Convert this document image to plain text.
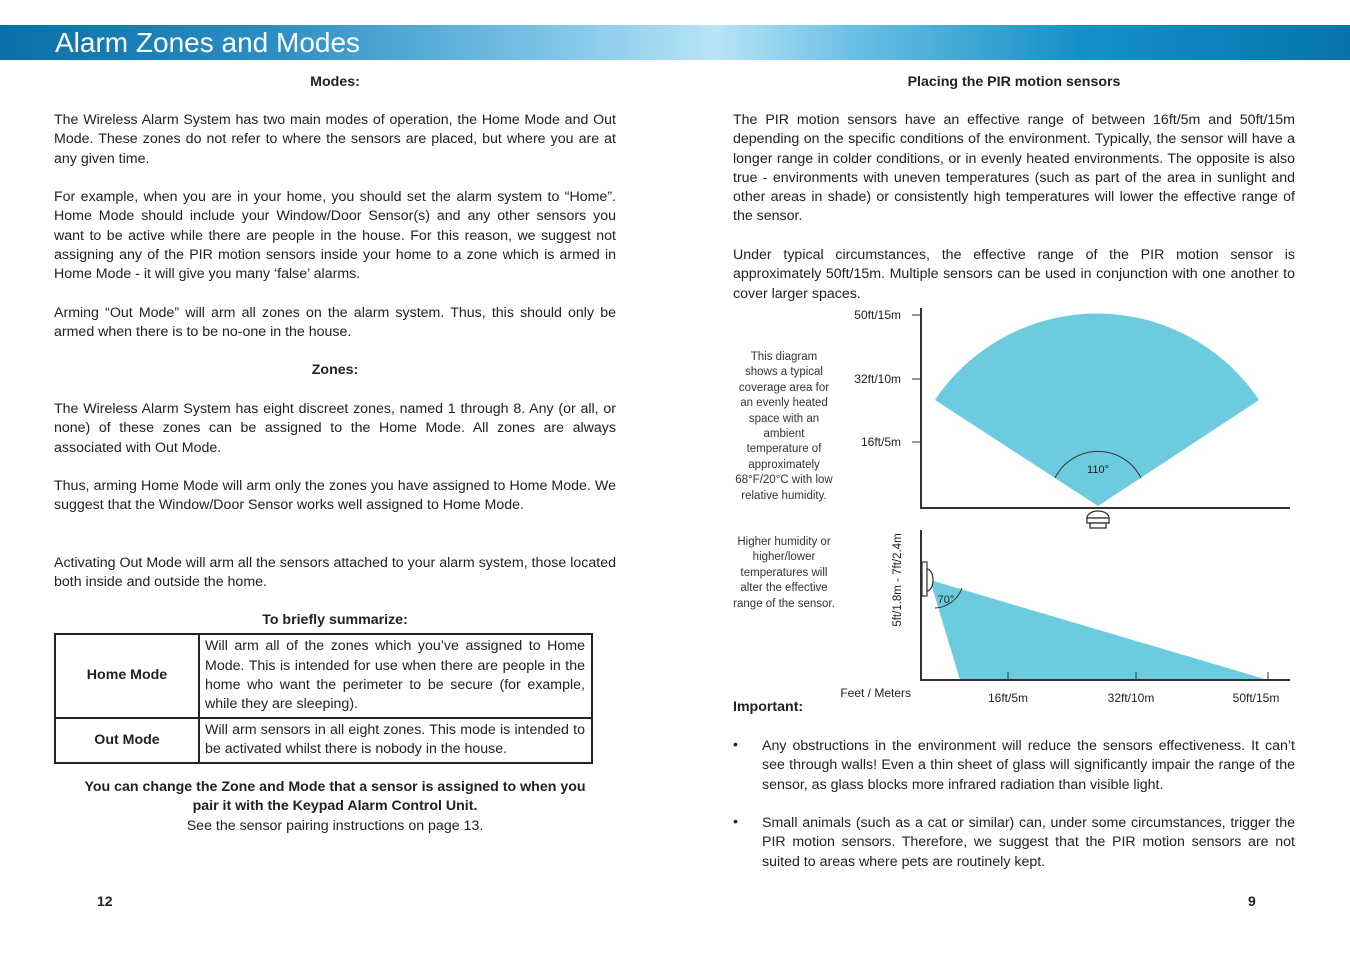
Alarm Zones and Modes
Modes:
The Wireless Alarm System has two main modes of operation, the Home Mode and Out Mode. These zones do not refer to where the sensors are placed, but where you are at any given time.
For example, when you are in your home, you should set the alarm system to “Home”. Home Mode should include your Window/Door Sensor(s) and any other sensors you want to be active while there are people in the house. For this reason, we suggest not assigning any of the PIR motion sensors inside your home to a zone which is armed in Home Mode - it will give you many ‘false’ alarms.
Arming “Out Mode” will arm all zones on the alarm system. Thus, this should only be armed when there is to be no-one in the house.
Zones:
The Wireless Alarm System has eight discreet zones, named 1 through 8. Any (or all, or none) of these zones can be assigned to the Home Mode. All zones are always associated with Out Mode.
Thus, arming Home Mode will arm only the zones you have assigned to Home Mode. We suggest that the Window/Door Sensor works well assigned to Home Mode.
Activating Out Mode will arm all the sensors attached to your alarm system, those located both inside and outside the home.
To briefly summarize:
Home Mode	Will arm all of the zones which you’ve assigned to Home Mode. This is intended for use when there are people in the home who want the perimeter to be secure (for example, while they are sleeping).
Out Mode	Will arm sensors in all eight zones. This mode is intended to be activated whilst there is nobody in the house.
You can change the Zone and Mode that a sensor is assigned to when you pair it with the Keypad Alarm Control Unit.
See the sensor pairing instructions on page 13.
12
Placing the PIR motion sensors
The PIR motion sensors have an effective range of between 16ft/5m and 50ft/15m depending on the specific conditions of the environment. Typically, the sensor will have a longer range in colder conditions, or in evenly heated environments. The opposite is also true - environments with uneven temperatures (such as part of the area in sunlight and other areas in shade) or consistently high temperatures will lower the effective range of the sensor.
Under typical circumstances, the effective range of the PIR motion sensor is approximately 50ft/15m. Multiple sensors can be used in conjunction with one another to cover larger spaces.
This diagram shows a typical coverage area for an evenly heated space with an ambient temperature of approximately 68°F/20°C with low relative humidity.
Higher humidity or higher/lower temperatures will alter the effective range of the sensor.
50ft/15m
32ft/10m
16ft/5m
110°
70°
5ft/1.8m - 7ft/2.4m
Feet / Meters	16ft/5m	32ft/10m	50ft/15m
Important:
• Any obstructions in the environment will reduce the sensors effectiveness. It can’t see through walls! Even a thin sheet of glass will significantly impair the range of the sensor, as glass blocks more infrared radiation than visible light.
• Small animals (such as a cat or similar) can, under some circumstances, trigger the PIR motion sensors. Therefore, we suggest that the PIR motion sensors are not suited to areas where pets are routinely kept.
9
